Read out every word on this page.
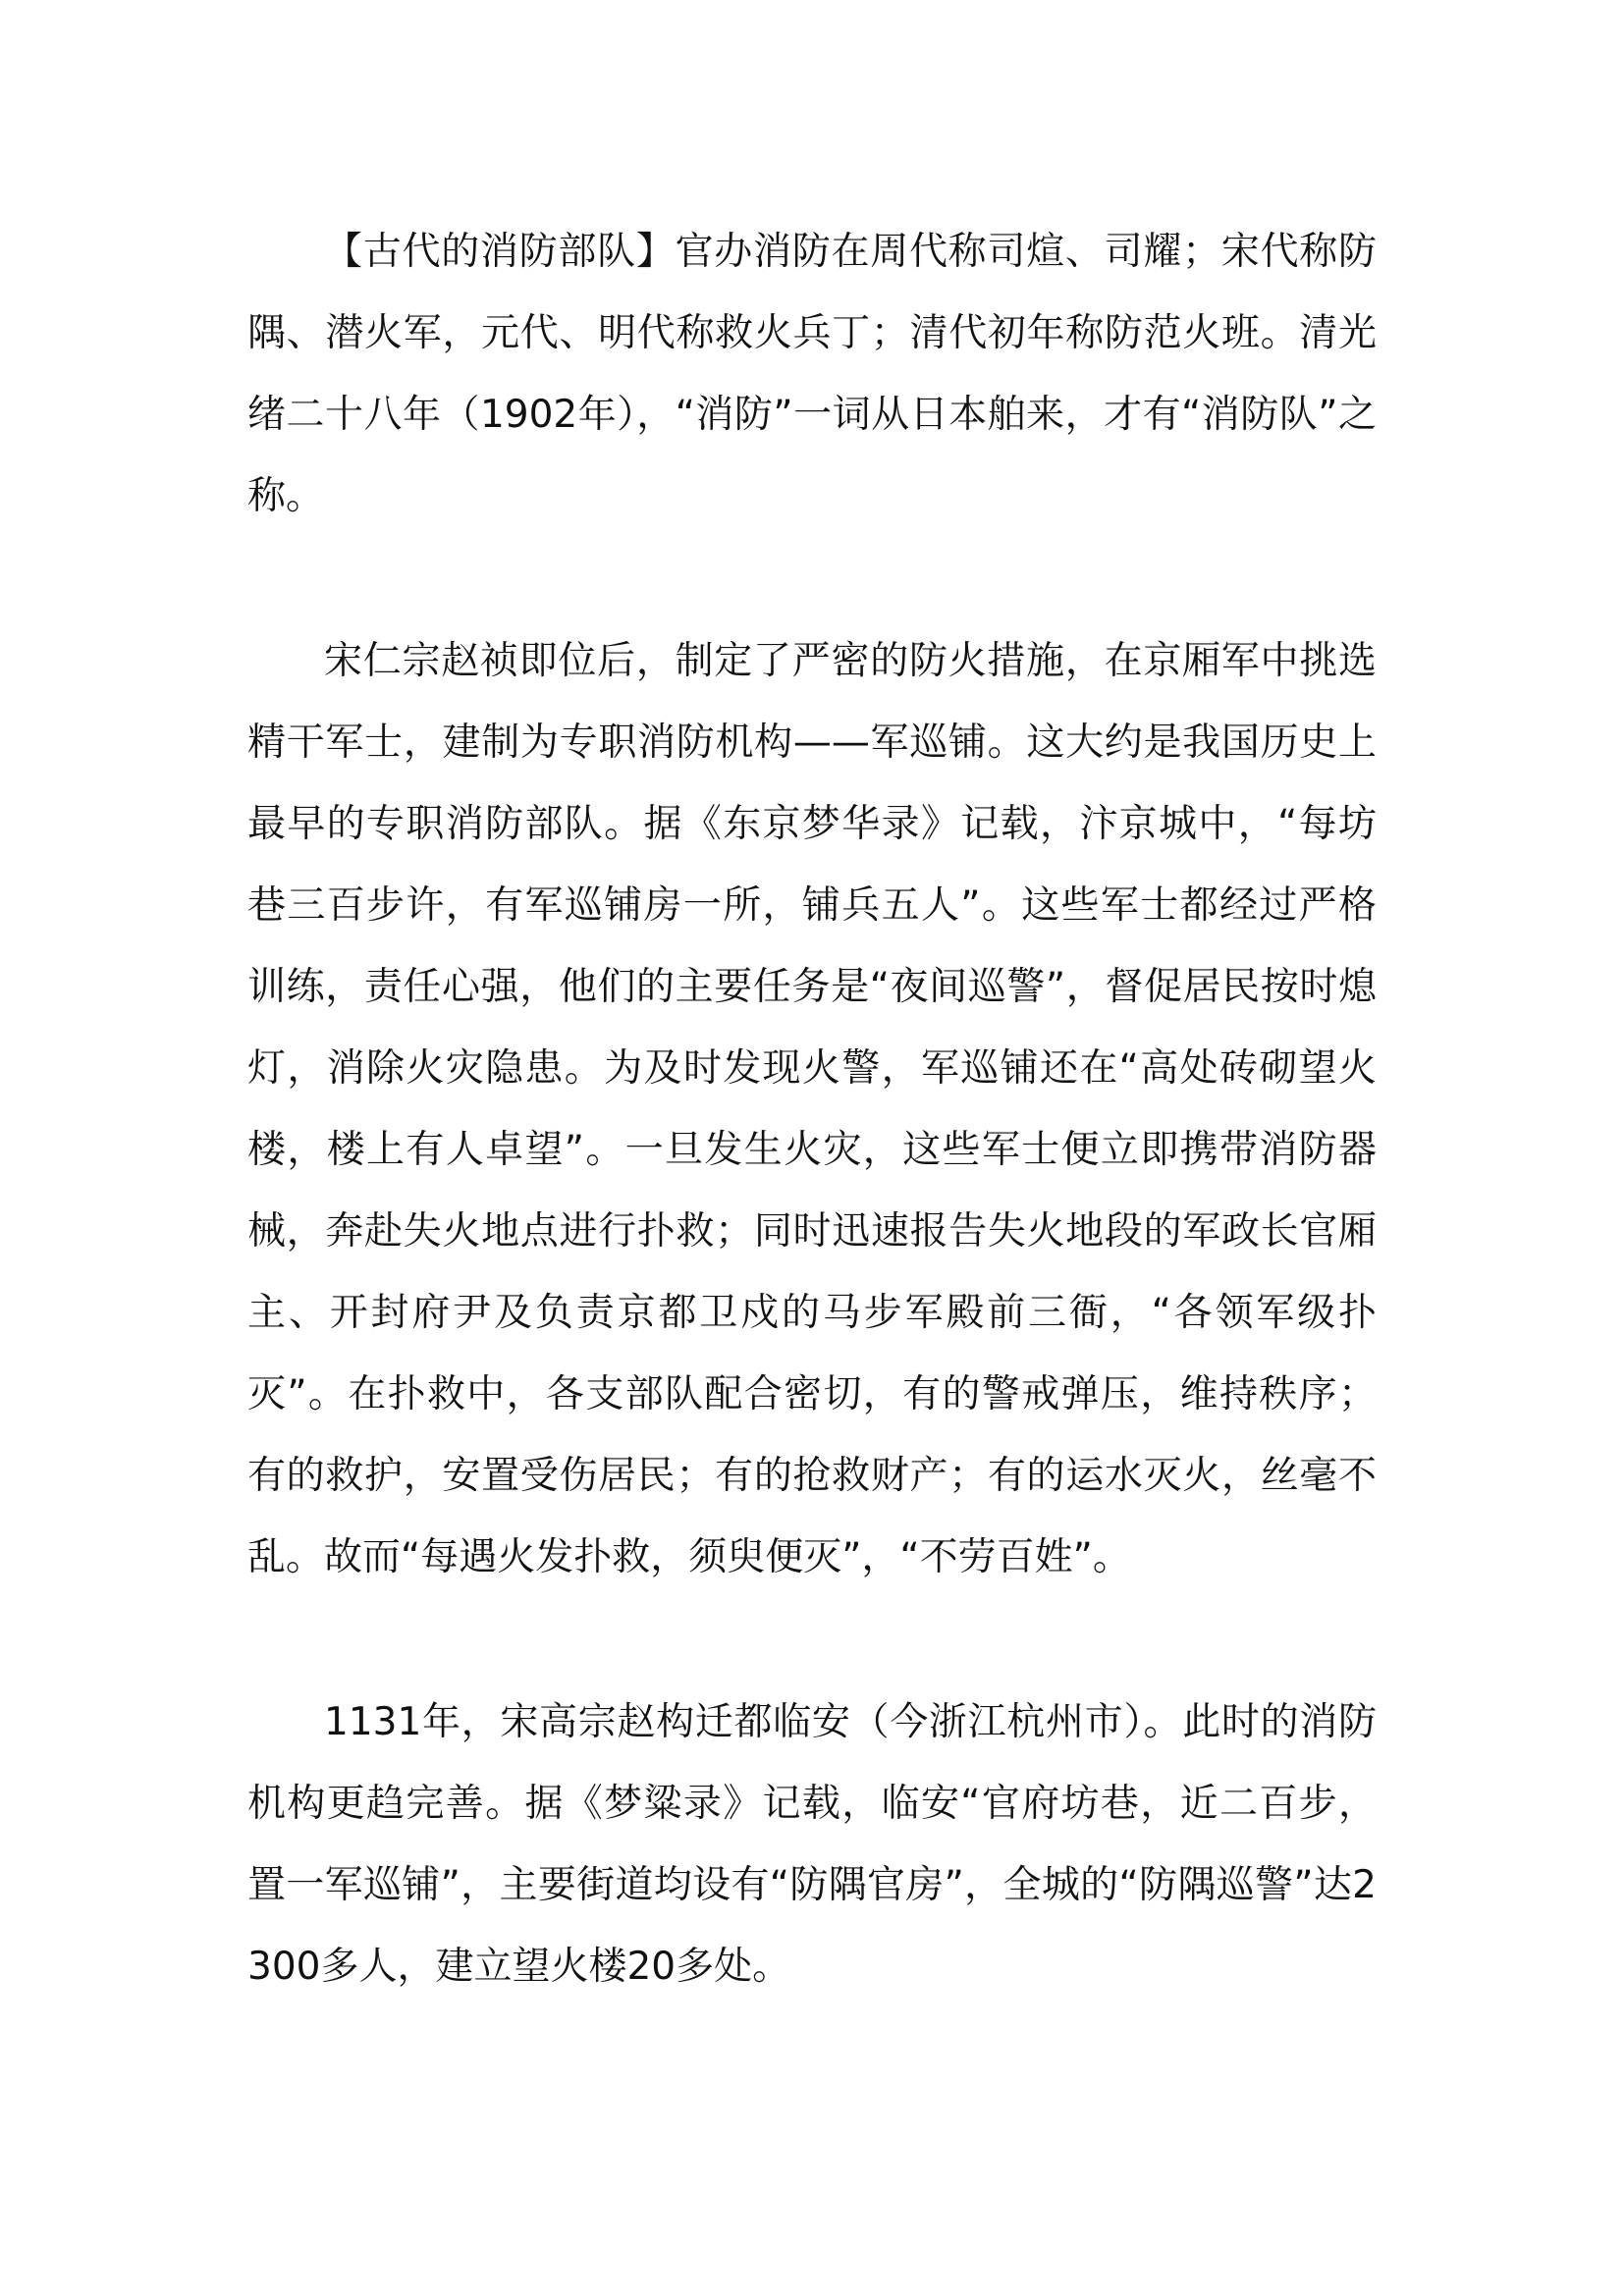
【古代的消防部队】官办消防在周代称司煊、司耀；宋代称防隅、潜火军，元代、明代称救火兵丁；清代初年称防范火班。清光绪二十八年（1902年），“消防”一词从日本舶来，才有“消防队”之称。

宋仁宗赵祯即位后，制定了严密的防火措施，在京厢军中挑选精干军士，建制为专职消防机构——军巡铺。这大约是我国历史上最早的专职消防部队。据《东京梦华录》记载，汴京城中，“每坊巷三百步许，有军巡铺房一所，铺兵五人”。这些军士都经过严格训练，责任心强，他们的主要任务是“夜间巡警”，督促居民按时熄灯，消除火灾隐患。为及时发现火警，军巡铺还在“高处砖砌望火楼，楼上有人卓望”。一旦发生火灾，这些军士便立即携带消防器械，奔赴失火地点进行扑救；同时迅速报告失火地段的军政长官厢主、开封府尹及负责京都卫戍的马步军殿前三衙，“各领军级扑灭”。在扑救中，各支部队配合密切，有的警戒弹压，维持秩序；有的救护，安置受伤居民；有的抢救财产；有的运水灭火，丝毫不乱。故而“每遇火发扑救，须臾便灭”，“不劳百姓”。

1131年，宋高宗赵构迁都临安（今浙江杭州市）。此时的消防机构更趋完善。据《梦粱录》记载，临安“官府坊巷，近二百步，置一军巡铺”，主要街道均设有“防隅官房”，全城的“防隅巡警”达2300多人，建立望火楼20多处。
